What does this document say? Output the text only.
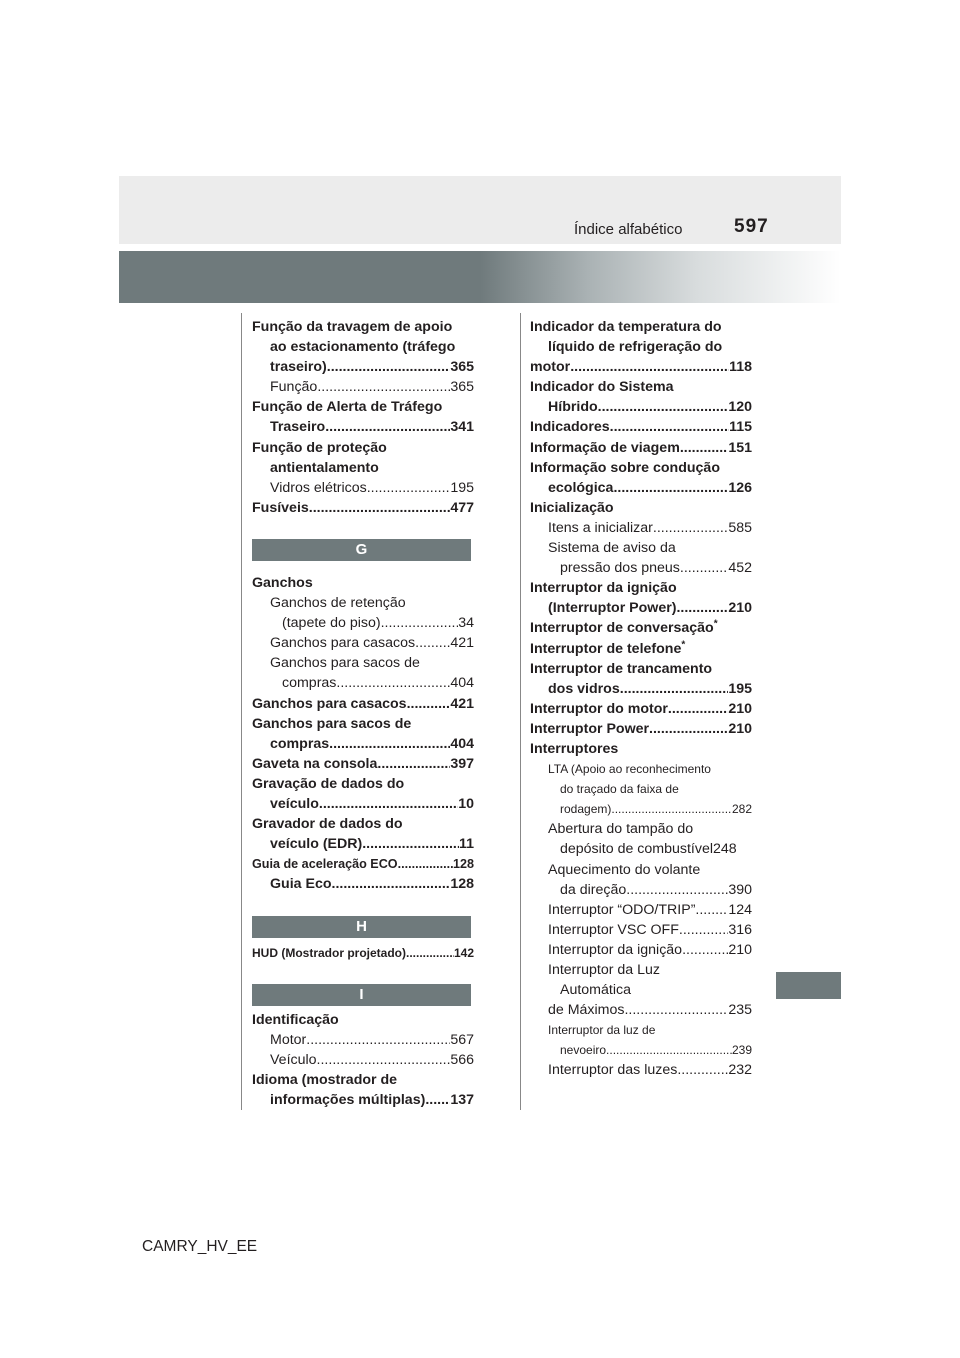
Índice alfabético	597
Função da travagem de apoio
ao estacionamento (tráfego
traseiro) .....	365
Função .....	365
Função de Alerta de Tráfego
Traseiro .....	341
Função de proteção
antientalamento
Vidros elétricos .....	195
Fusíveis .....	477
G
Ganchos
Ganchos de retenção
(tapete do piso) .....	34
Ganchos para casacos ..... 421
Ganchos para sacos de
compras .....	404
Ganchos para casacos .....	421
Ganchos para sacos de
compras .....	404
Gaveta na consola .....	397
Gravação de dados do
veículo .....	10
Gravador de dados do
veículo (EDR) .....	11
Guia de aceleração ECO .....	128
Guia Eco .....	128
H
HUD (Mostrador projetado) .....	142
I
Identificação
Motor .....	567
Veículo .....	566
Idioma (mostrador de
informações múltiplas) ..... 137
Indicador da temperatura do
líquido de refrigeração do
motor .....	118
Indicador do Sistema
Híbrido .....	120
Indicadores .....	115
Informação de viagem .....	151
Informação sobre condução
ecológica .....	126
Inicialização
Itens a inicializar .....	585
Sistema de aviso da
pressão dos pneus .....	452
Interruptor da ignição
(Interruptor Power) .....	210
Interruptor de conversação*
Interruptor de telefone*
Interruptor de trancamento
dos vidros .....	195
Interruptor do motor .....	210
Interruptor Power .....	210
Interruptores
LTA (Apoio ao reconhecimento
do traçado da faixa de
rodagem) .....	282
Abertura do tampão do
depósito de combustível 248
Aquecimento do volante
da direção .....	390
Interruptor “ODO/TRIP” ..... 124
Interruptor VSC OFF .....	316
Interruptor da ignição .....	210
Interruptor da Luz
Automática
de Máximos .....	235
Interruptor da luz de
nevoeiro .....	239
Interruptor das luzes .....	232
CAMRY_HV_EE
